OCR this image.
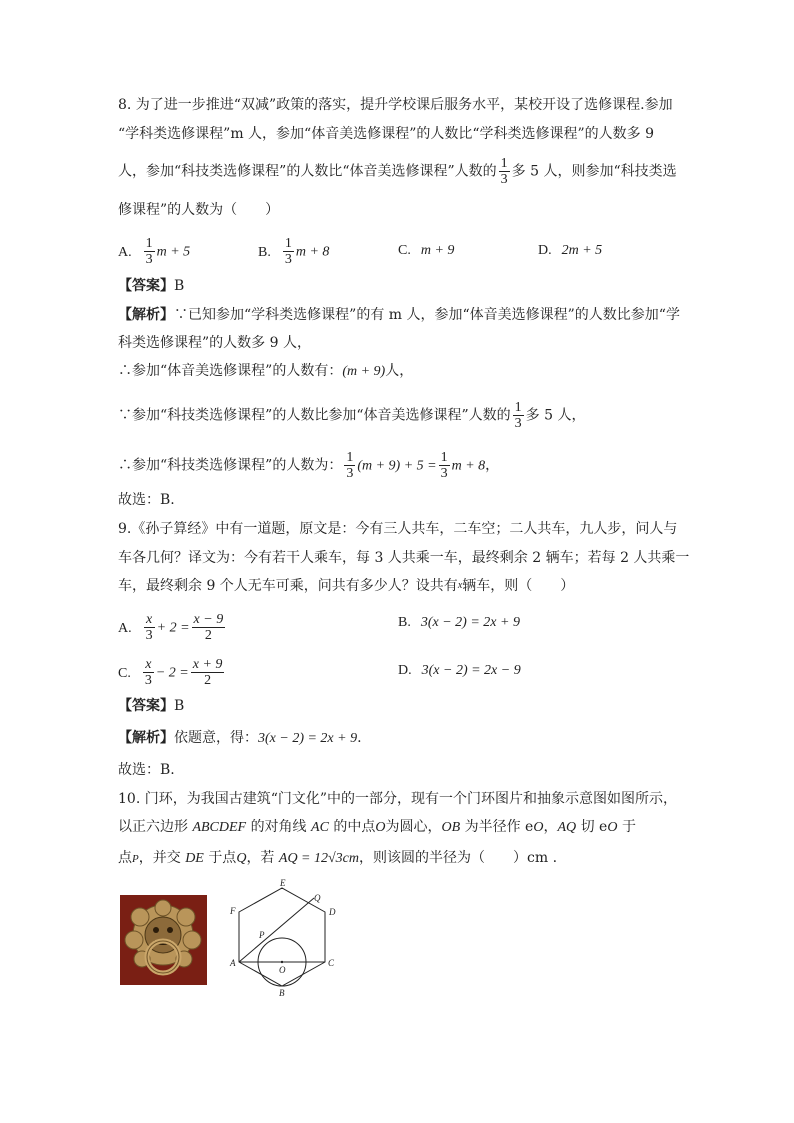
8. 为了进一步推进“双减”政策的落实，提升学校课后服务水平，某校开设了选修课程.参加
“学科类选修课程”m 人，参加“体音美选修课程”的人数比“学科类选修课程”的人数多 9
人，参加“科技类选修课程”的人数比“体音美选修课程”人数的 $\frac{1}{3}$ 多 5 人，则参加“科技类选
修课程”的人数为（　　）
A. $\frac{1}{3}$ m + 5	B. $\frac{1}{3}$ m + 8	C. m + 9	D. 2m + 5
【答案】B
【解析】∵已知参加“学科类选修课程”的有 m 人，参加“体音美选修课程”的人数比参加“学
科类选修课程”的人数多 9 人，
∴参加“体音美选修课程”的人数有：(m + 9)人，
∵参加“科技类选修课程”的人数比参加“体音美选修课程”人数的 $\frac{1}{3}$ 多 5 人，
∴参加“科技类选修课程”的人数为： $\frac{1}{3} (m + 9) + 5 = \frac{1}{3}$ m + 8，
故选：B.
9.《孙子算经》中有一道题，原文是：今有三人共车，二车空；二人共车，九人步，问人与
车各几何？译文为：今有若干人乘车，每 3 人共乘一车，最终剩余 2 辆车；若每 2 人共乘一
车，最终剩余 9 个人无车可乘，问共有多少人？设共有$^x$辆车，则（　　）
A. $\frac{x}{3} + 2 = \frac{x - 9}{2}$	B. 3(x − 2) = 2x + 9
C. $\frac{x}{3} - 2 = \frac{x + 9}{2}$	D. 3(x − 2) = 2x − 9
【答案】B
【解析】依题意，得：3(x − 2) = 2x + 9.
故选：B.
10. 门环，为我国古建筑“门文化”中的一部分，现有一个门环图片和抽象示意图如图所示，
以正六边形 ABCDEF 的对角线 AC 的中点O为圆心，OB 为半径作 eO，AQ 切 eO 于
点P，并交 DE 于点Q，若 AQ = 12√3cm，则该圆的半径为（　　）cm .
A
B
C
D
E
F
O
P
Q
